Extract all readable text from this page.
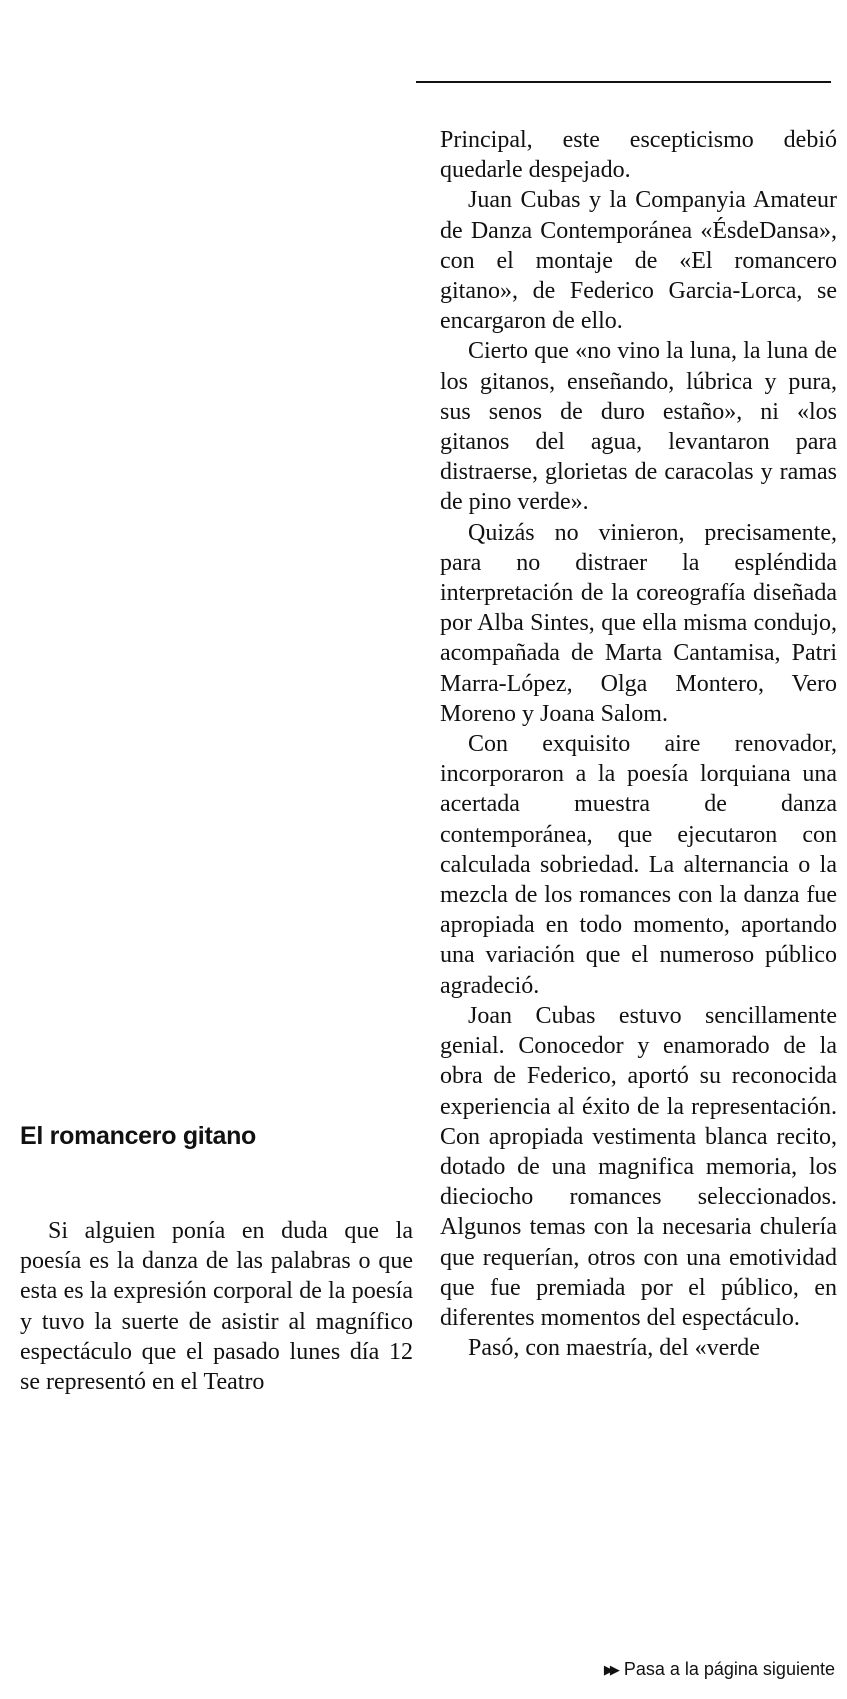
Principal, este escepticismo debió quedarle despejado.

Juan Cubas y la Companyia Amateur de Danza Contemporánea «ÉsdeDansa», con el montaje de «El romancero gitano», de Federico Garcia-Lorca, se encargaron de ello.

Cierto que «no vino la luna, la luna de los gitanos, enseñando, lúbrica y pura, sus senos de duro estaño», ni «los gitanos del agua, levantaron para distraerse, glorietas de caracolas y ramas de pino verde».

Quizás no vinieron, precisamente, para no distraer la espléndida interpretación de la coreografía diseñada por Alba Sintes, que ella misma condujo, acompañada de Marta Cantamisa, Patri Marra-López, Olga Montero, Vero Moreno y Joana Salom.

Con exquisito aire renovador, incorporaron a la poesía lorquiana una acertada muestra de danza contemporánea, que ejecutaron con calculada sobriedad. La alternancia o la mezcla de los romances con la danza fue apropiada en todo momento, aportando una variación que el numeroso público agradeció.

Joan Cubas estuvo sencillamente genial. Conocedor y enamorado de la obra de Federico, aportó su reconocida experiencia al éxito de la representación. Con apropiada vestimenta blanca recito, dotado de una magnifica memoria, los dieciocho romances seleccionados. Algunos temas con la necesaria chulería que requerían, otros con una emotividad que fue premiada por el público, en diferentes momentos del espectáculo.

Pasó, con maestría, del «verde

El romancero gitano

Si alguien ponía en duda que la poesía es la danza de las palabras o que esta es la expresión corporal de la poesía y tuvo la suerte de asistir al magnífico espectáculo que el pasado lunes día 12 se representó en el Teatro

▶▶ Pasa a la página siguiente
